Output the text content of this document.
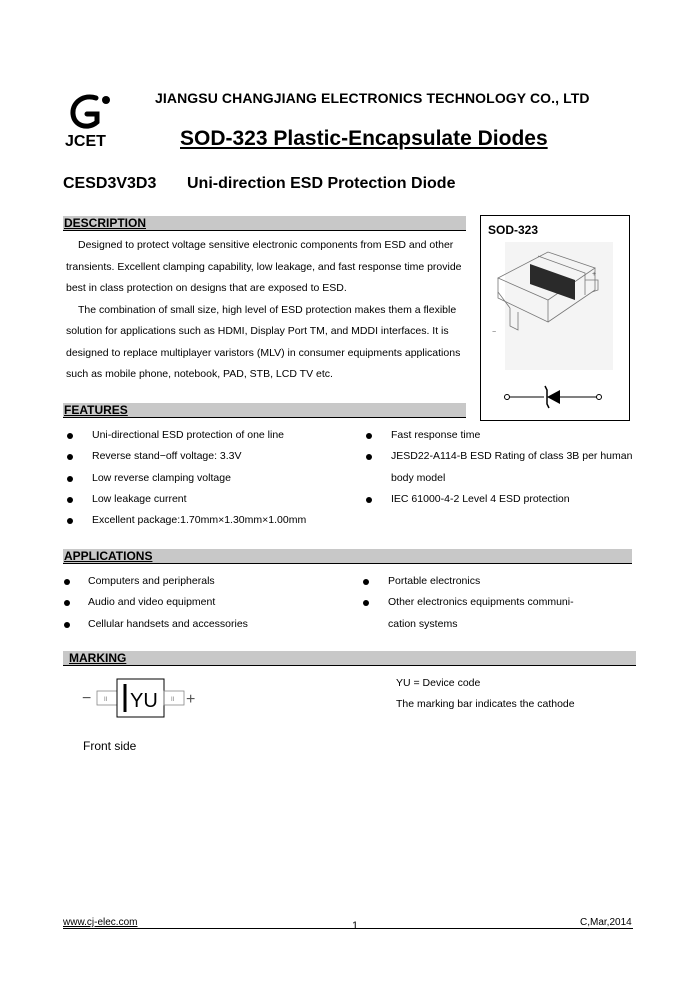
JCET
JIANGSU CHANGJIANG ELECTRONICS TECHNOLOGY CO., LTD
SOD-323 Plastic-Encapsulate Diodes
CESD3V3D3 Uni-direction ESD Protection Diode
DESCRIPTION

Designed to protect voltage sensitive electronic components from ESD and other

transients. Excellent clamping capability, low leakage, and fast response time provide

best in class protection on designs that are exposed to ESD.

The combination of small size, high level of ESD protection makes them a flexible

solution for applications such as HDMI, Display Port TM, and MDDI interfaces. It is

designed to replace multiplayer varistors (MLV) in consumer equipments applications

such as mobile phone, notebook, PAD, STB, LCD TV etc.

SOD-323
+
−
FEATURES
Uni-directional ESD protection of one line
Reverse stand−off voltage: 3.3V
Low reverse clamping voltage
Low leakage current
Excellent package:1.70mm×1.30mm×1.00mm
Fast response time
JESD22-A114-B ESD Rating of class 3B per human
body model
IEC 61000-4-2 Level 4 ESD protection
APPLICATIONS
Computers and peripherals
Audio and video equipment
Cellular handsets and accessories
Portable electronics
Other electronics equipments communi-
cation systems
MARKING
− II YU II +
YU = Device code
The marking bar indicates the cathode
Front side
www.cj-elec.com	1	C,Mar,2014
